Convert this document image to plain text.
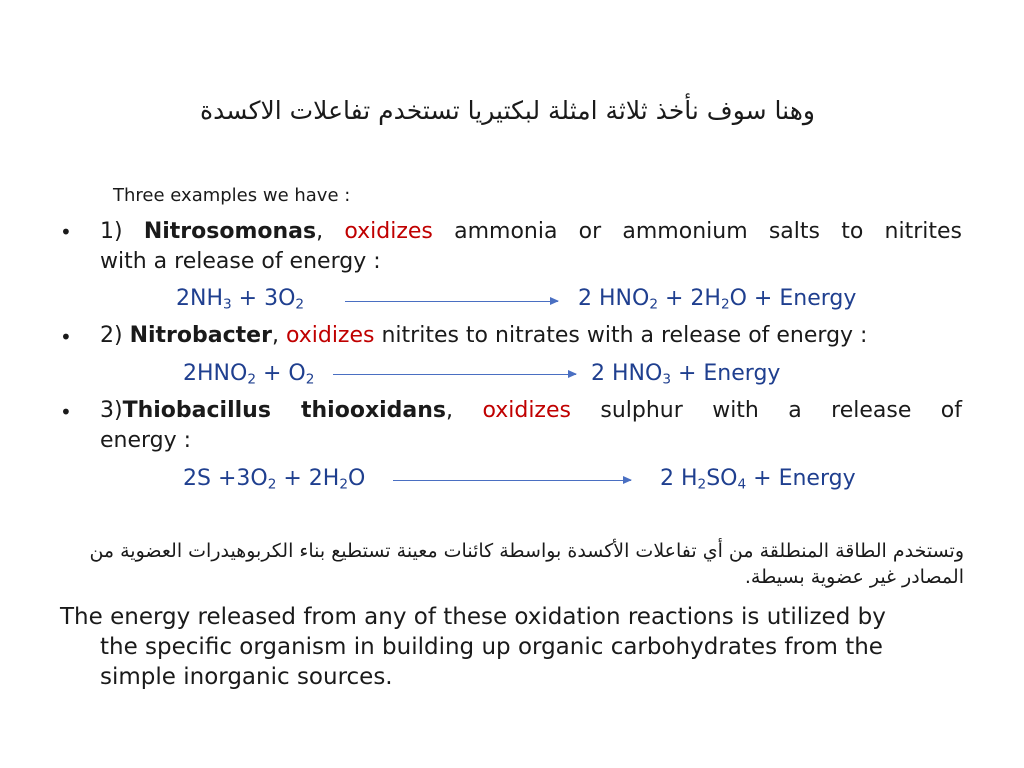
وهنا سوف نأخذ ثلاثة امثلة لبكتيريا تستخدم تفاعلات الاكسدة
Three examples we have :
• 1) Nitrosomonas, oxidizes ammonia or ammonium salts to nitrites
with a release of energy :
$2NH_3 + 3O_2$	2 $HNO_2 + 2H_2O$ + Energy
• 2) Nitrobacter, oxidizes nitrites to nitrates with a release of energy :
$2HNO_2 + O_2$	2 $HNO_3$ + Energy
• 3)Thiobacillus thiooxidans, oxidizes sulphur with a release of
energy :
$2S +3O_2 + 2H_2O$	2 $H_2SO_4$ + Energy
وتستخدم الطاقة المنطلقة من أي تفاعلات الأكسدة بواسطة كائنات معينة تستطيع بناء الكربوهيدرات العضوية من المصادر غير عضوية بسيطة.
The energy released from any of these oxidation reactions is utilized by
the specific organism in building up organic carbohydrates from the simple inorganic sources.
